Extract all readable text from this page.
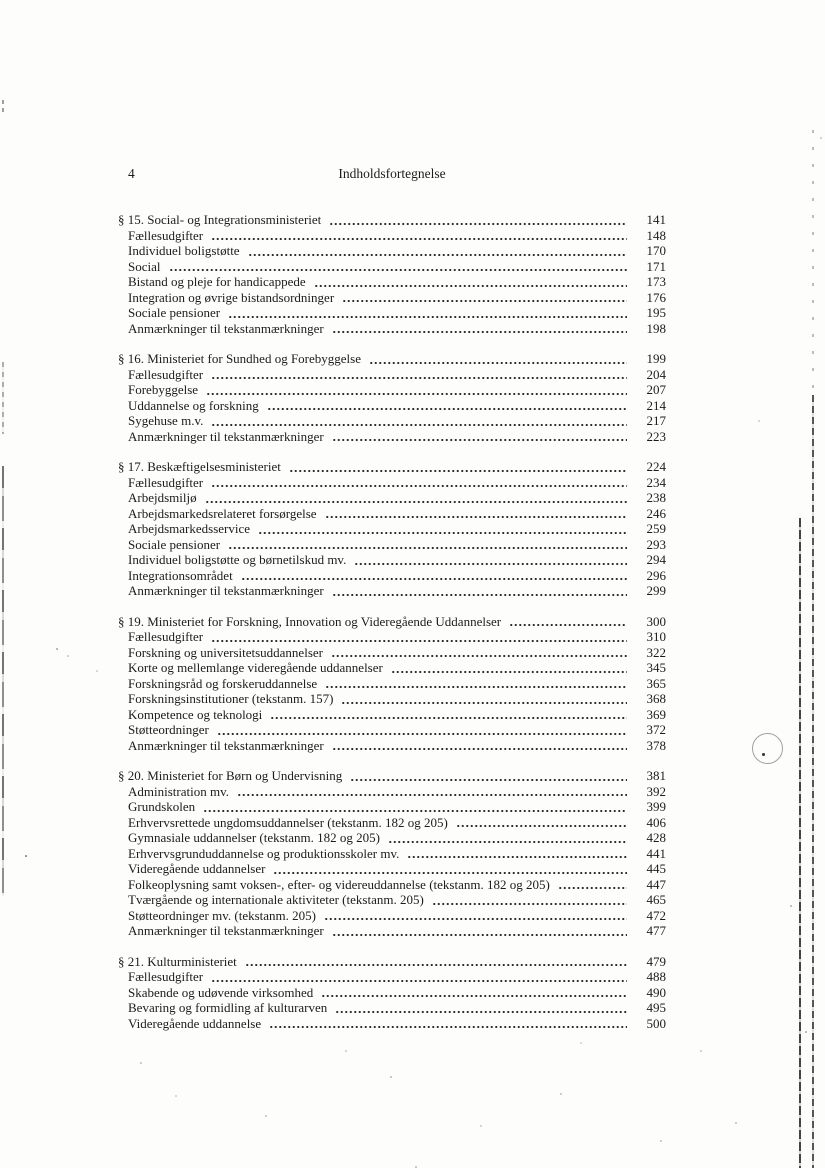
4	Indholdsfortegnelse
§ 15. Social- og Integrationsministeriet	141
Fællesudgifter	148
Individuel boligstøtte	170
Social	171
Bistand og pleje for handicappede	173
Integration og øvrige bistandsordninger	176
Sociale pensioner	195
Anmærkninger til tekstanmærkninger	198
§ 16. Ministeriet for Sundhed og Forebyggelse	199
Fællesudgifter	204
Forebyggelse	207
Uddannelse og forskning	214
Sygehuse m.v.	217
Anmærkninger til tekstanmærkninger	223
§ 17. Beskæftigelsesministeriet	224
Fællesudgifter	234
Arbejdsmiljø	238
Arbejdsmarkedsrelateret forsørgelse	246
Arbejdsmarkedsservice	259
Sociale pensioner	293
Individuel boligstøtte og børnetilskud mv.	294
Integrationsområdet	296
Anmærkninger til tekstanmærkninger	299
§ 19. Ministeriet for Forskning, Innovation og Videregående Uddannelser	300
Fællesudgifter	310
Forskning og universitetsuddannelser	322
Korte og mellemlange videregående uddannelser	345
Forskningsråd og forskeruddannelse	365
Forskningsinstitutioner (tekstanm. 157)	368
Kompetence og teknologi	369
Støtteordninger	372
Anmærkninger til tekstanmærkninger	378
§ 20. Ministeriet for Børn og Undervisning	381
Administration mv.	392
Grundskolen	399
Erhvervsrettede ungdomsuddannelser (tekstanm. 182 og 205)	406
Gymnasiale uddannelser (tekstanm. 182 og 205)	428
Erhvervsgrunduddannelse og produktionsskoler mv.	441
Videregående uddannelser	445
Folkeoplysning samt voksen-, efter- og videreuddannelse (tekstanm. 182 og 205)	447
Tværgående og internationale aktiviteter (tekstanm. 205)	465
Støtteordninger mv. (tekstanm. 205)	472
Anmærkninger til tekstanmærkninger	477
§ 21. Kulturministeriet	479
Fællesudgifter	488
Skabende og udøvende virksomhed	490
Bevaring og formidling af kulturarven	495
Videregående uddannelse	500
